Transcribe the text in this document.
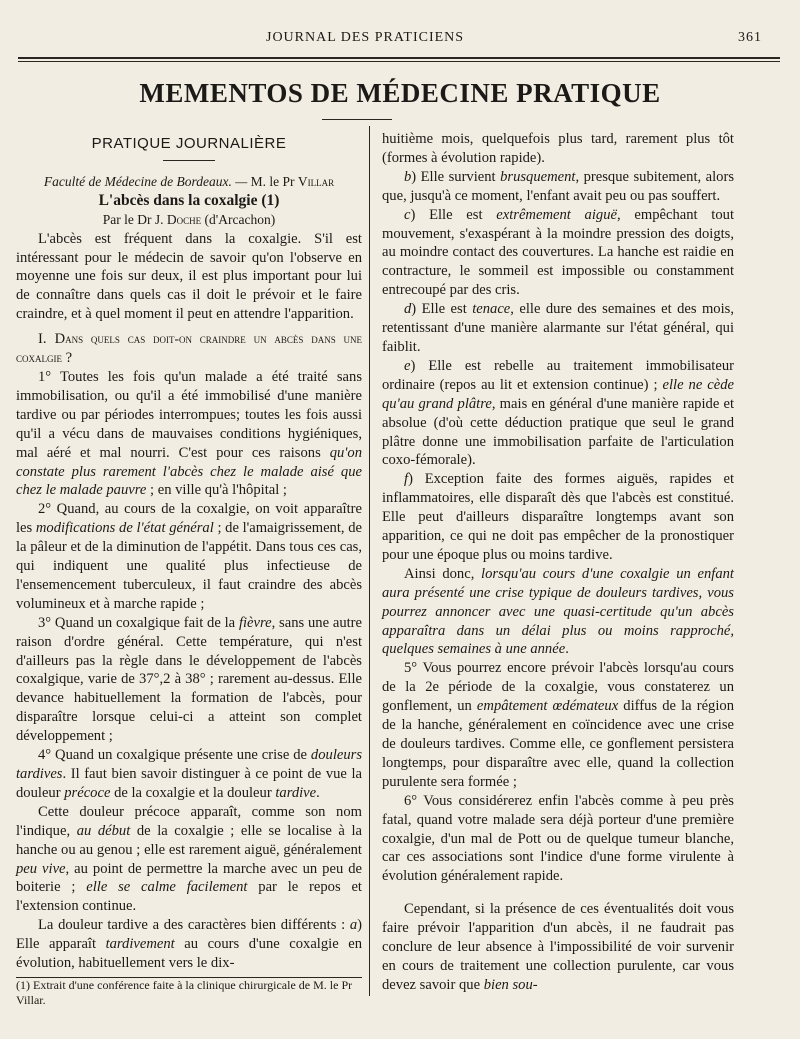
JOURNAL DES PRATICIENS	361
MEMENTOS DE MÉDECINE PRATIQUE
PRATIQUE JOURNALIÈRE

Faculté de Médecine de Bordeaux. — M. le Pr Villar

L'abcès dans la coxalgie (1)

Par le Dr J. Doche (d'Arcachon)

L'abcès est fréquent dans la coxalgie. S'il est intéressant pour le médecin de savoir qu'on l'observe en moyenne une fois sur deux, il est plus important pour lui de connaître dans quels cas il doit le prévoir et le faire craindre, et à quel moment il peut en attendre l'apparition.

I. Dans quels cas doit-on craindre un abcès dans une coxalgie ?

1° Toutes les fois qu'un malade a été traité sans immobilisation, ou qu'il a été immobilisé d'une manière tardive ou par périodes interrompues; toutes les fois aussi qu'il a vécu dans de mauvaises conditions hygiéniques, mal aéré et mal nourri. C'est pour ces raisons qu'on constate plus rarement l'abcès chez le malade aisé que chez le malade pauvre ; en ville qu'à l'hôpital ;

2° Quand, au cours de la coxalgie, on voit apparaître les modifications de l'état général ; de l'amaigrissement, de la pâleur et de la diminution de l'appétit. Dans tous ces cas, qui indiquent une qualité plus infectieuse de l'ensemencement tuberculeux, il faut craindre des abcès volumineux et à marche rapide ;

3° Quand un coxalgique fait de la fièvre, sans une autre raison d'ordre général. Cette température, qui n'est d'ailleurs pas la règle dans le développement de l'abcès coxalgique, varie de 37°,2 à 38° ; rarement au-dessus. Elle devance habituellement la formation de l'abcès, pour disparaître lorsque celui-ci a atteint son complet développement ;

4° Quand un coxalgique présente une crise de douleurs tardives. Il faut bien savoir distinguer à ce point de vue la douleur précoce de la coxalgie et la douleur tardive.

Cette douleur précoce apparaît, comme son nom l'indique, au début de la coxalgie ; elle se localise à la hanche ou au genou ; elle est rarement aiguë, généralement peu vive, au point de permettre la marche avec un peu de boiterie ; elle se calme facilement par le repos et l'extension continue.

La douleur tardive a des caractères bien différents : a) Elle apparaît tardivement au cours d'une coxalgie en évolution, habituellement vers le dix-

(1) Extrait d'une conférence faite à la clinique chirurgicale de M. le Pr Villar.

huitième mois, quelquefois plus tard, rarement plus tôt (formes à évolution rapide).

b) Elle survient brusquement, presque subitement, alors que, jusqu'à ce moment, l'enfant avait peu ou pas souffert.

c) Elle est extrêmement aiguë, empêchant tout mouvement, s'exaspérant à la moindre pression des doigts, au moindre contact des couvertures. La hanche est raidie en contracture, le sommeil est impossible ou constamment entrecoupé par des cris.

d) Elle est tenace, elle dure des semaines et des mois, retentissant d'une manière alarmante sur l'état général, qui faiblit.

e) Elle est rebelle au traitement immobilisateur ordinaire (repos au lit et extension continue) ; elle ne cède qu'au grand plâtre, mais en général d'une manière rapide et absolue (d'où cette déduction pratique que seul le grand plâtre donne une immobilisation parfaite de l'articulation coxo-fémorale).

f) Exception faite des formes aiguës, rapides et inflammatoires, elle disparaît dès que l'abcès est constitué. Elle peut d'ailleurs disparaître longtemps avant son apparition, ce qui ne doit pas empêcher de la pronostiquer pour une époque plus ou moins tardive.

Ainsi donc, lorsqu'au cours d'une coxalgie un enfant aura présenté une crise typique de douleurs tardives, vous pourrez annoncer avec une quasi-certitude qu'un abcès apparaîtra dans un délai plus ou moins rapproché, quelques semaines à une année.

5° Vous pourrez encore prévoir l'abcès lorsqu'au cours de la 2e période de la coxalgie, vous constaterez un gonflement, un empâtement œdémateux diffus de la région de la hanche, généralement en coïncidence avec une crise de douleurs tardives. Comme elle, ce gonflement persistera longtemps, pour disparaître avec elle, quand la collection purulente sera formée ;

6° Vous considérerez enfin l'abcès comme à peu près fatal, quand votre malade sera déjà porteur d'une première coxalgie, d'un mal de Pott ou de quelque tumeur blanche, car ces associations sont l'indice d'une forme virulente à évolution généralement rapide.

Cependant, si la présence de ces éventualités doit vous faire prévoir l'apparition d'un abcès, il ne faudrait pas conclure de leur absence à l'impossibilité de voir survenir en cours de traitement une collection purulente, car vous devez savoir que bien sou-
